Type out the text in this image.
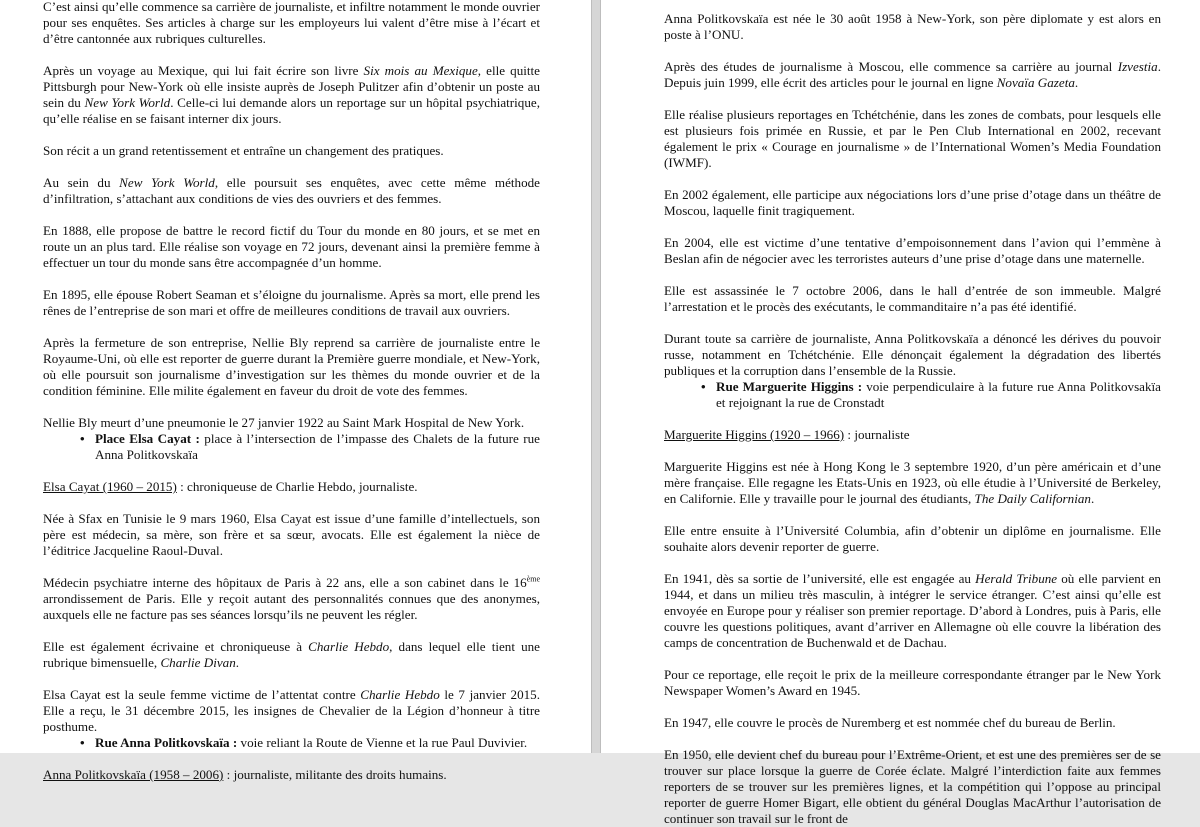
C’est ainsi qu’elle commence sa carrière de journaliste, et infiltre notamment le monde ouvrier pour ses enquêtes. Ses articles à charge sur les employeurs lui valent d’être mise à l’écart et d’être cantonnée aux rubriques culturelles.

Après un voyage au Mexique, qui lui fait écrire son livre Six mois au Mexique, elle quitte Pittsburgh pour New-York où elle insiste auprès de Joseph Pulitzer afin d’obtenir un poste au sein du New York World. Celle-ci lui demande alors un reportage sur un hôpital psychiatrique, qu’elle réalise en se faisant interner dix jours.

Son récit a un grand retentissement et entraîne un changement des pratiques.

Au sein du New York World, elle poursuit ses enquêtes, avec cette même méthode d’infiltration, s’attachant aux conditions de vies des ouvriers et des femmes.

En 1888, elle propose de battre le record fictif du Tour du monde en 80 jours, et se met en route un an plus tard. Elle réalise son voyage en 72 jours, devenant ainsi la première femme à effectuer un tour du monde sans être accompagnée d’un homme.

En 1895, elle épouse Robert Seaman et s’éloigne du journalisme. Après sa mort, elle prend les rênes de l’entreprise de son mari et offre de meilleures conditions de travail aux ouvriers.

Après la fermeture de son entreprise, Nellie Bly reprend sa carrière de journaliste entre le Royaume-Uni, où elle est reporter de guerre durant la Première guerre mondiale, et New-York, où elle poursuit son journalisme d’investigation sur les thèmes du monde ouvrier et de la condition féminine. Elle milite également en faveur du droit de vote des femmes.

Nellie Bly meurt d’une pneumonie le 27 janvier 1922 au Saint Mark Hospital de New York.

• Place Elsa Cayat : place à l’intersection de l’impasse des Chalets de la future rue Anna Politkovskaïa

Elsa Cayat (1960 – 2015) : chroniqueuse de Charlie Hebdo, journaliste.

Née à Sfax en Tunisie le 9 mars 1960, Elsa Cayat est issue d’une famille d’intellectuels, son père est médecin, sa mère, son frère et sa sœur, avocats. Elle est également la nièce de l’éditrice Jacqueline Raoul-Duval.

Médecin psychiatre interne des hôpitaux de Paris à 22 ans, elle a son cabinet dans le 16ème arrondissement de Paris. Elle y reçoit autant des personnalités connues que des anonymes, auxquels elle ne facture pas ses séances lorsqu’ils ne peuvent les régler.

Elle est également écrivaine et chroniqueuse à Charlie Hebdo, dans lequel elle tient une rubrique bimensuelle, Charlie Divan.

Elsa Cayat est la seule femme victime de l’attentat contre Charlie Hebdo le 7 janvier 2015. Elle a reçu, le 31 décembre 2015, les insignes de Chevalier de la Légion d’honneur à titre posthume.

• Rue Anna Politkovskaïa : voie reliant la Route de Vienne et la rue Paul Duvivier.

Anna Politkovskaïa (1958 – 2006) : journaliste, militante des droits humains.

Anna Politkovskaïa est née le 30 août 1958 à New-York, son père diplomate y est alors en poste à l’ONU.

Après des études de journalisme à Moscou, elle commence sa carrière au journal Izvestia. Depuis juin 1999, elle écrit des articles pour le journal en ligne Novaïa Gazeta.

Elle réalise plusieurs reportages en Tchétchénie, dans les zones de combats, pour lesquels elle est plusieurs fois primée en Russie, et par le Pen Club International en 2002, recevant également le prix « Courage en journalisme » de l’International Women’s Media Foundation (IWMF).

En 2002 également, elle participe aux négociations lors d’une prise d’otage dans un théâtre de Moscou, laquelle finit tragiquement.

En 2004, elle est victime d’une tentative d’empoisonnement dans l’avion qui l’emmène à Beslan afin de négocier avec les terroristes auteurs d’une prise d’otage dans une maternelle.

Elle est assassinée le 7 octobre 2006, dans le hall d’entrée de son immeuble. Malgré l’arrestation et le procès des exécutants, le commanditaire n’a pas été identifié.

Durant toute sa carrière de journaliste, Anna Politkovskaïa a dénoncé les dérives du pouvoir russe, notamment en Tchétchénie. Elle dénonçait également la dégradation des libertés publiques et la corruption dans l’ensemble de la Russie.

• Rue Marguerite Higgins : voie perpendiculaire à la future rue Anna Politkovsakïa et rejoignant la rue de Cronstadt

Marguerite Higgins (1920 – 1966) : journaliste

Marguerite Higgins est née à Hong Kong le 3 septembre 1920, d’un père américain et d’une mère française. Elle regagne les Etats-Unis en 1923, où elle étudie à l’Université de Berkeley, en Californie. Elle y travaille pour le journal des étudiants, The Daily Californian.

Elle entre ensuite à l’Université Columbia, afin d’obtenir un diplôme en journalisme. Elle souhaite alors devenir reporter de guerre.

En 1941, dès sa sortie de l’université, elle est engagée au Herald Tribune où elle parvient en 1944, et dans un milieu très masculin, à intégrer le service étranger. C’est ainsi qu’elle est envoyée en Europe pour y réaliser son premier reportage. D’abord à Londres, puis à Paris, elle couvre les questions politiques, avant d’arriver en Allemagne où elle couvre la libération des camps de concentration de Buchenwald et de Dachau.

Pour ce reportage, elle reçoit le prix de la meilleure correspondante étranger par le New York Newspaper Women’s Award en 1945.

En 1947, elle couvre le procès de Nuremberg et est nommée chef du bureau de Berlin.

En 1950, elle devient chef du bureau pour l’Extrême-Orient, et est une des premières ser de se trouver sur place lorsque la guerre de Corée éclate. Malgré l’interdiction faite aux femmes reporters de se trouver sur les premières lignes, et la compétition qui l’oppose au principal reporter de guerre Homer Bigart, elle obtient du général Douglas MacArthur l’autorisation de continuer son travail sur le front de
